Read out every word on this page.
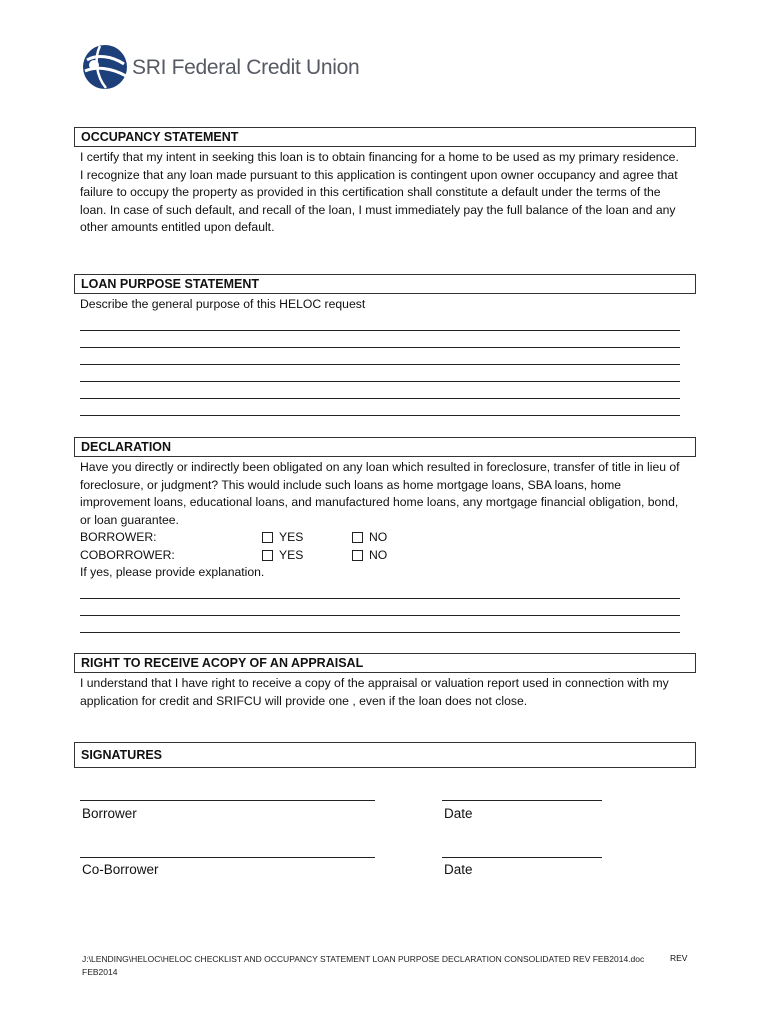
SRI Federal Credit Union
OCCUPANCY STATEMENT

I certify that my intent in seeking this loan is to obtain financing for a home to be used as my primary residence.

I recognize that any loan made pursuant to this application is contingent upon owner occupancy and agree that failure to occupy the property as provided in this certification shall constitute a default under the terms of the loan. In case of such default, and recall of the loan, I must immediately pay the full balance of the loan and any other amounts entitled upon default.

LOAN PURPOSE STATEMENT

Describe the general purpose of this HELOC request

DECLARATION

Have you directly or indirectly been obligated on any loan which resulted in foreclosure, transfer of title in lieu of foreclosure, or judgment? This would include such loans as home mortgage loans, SBA loans, home improvement loans, educational loans, and manufactured home loans, any mortgage financial obligation, bond, or loan guarantee.

BORROWER:	YES	NO
COBORROWER:	YES	NO

If yes, please provide explanation.

RIGHT TO RECEIVE ACOPY OF AN APPRAISAL

I understand that I have right to receive a copy of the appraisal or valuation report used in connection with my application for credit and SRIFCU will provide one , even if the loan does not close.

SIGNATURES
Borrower	Date
Co-Borrower	Date
J:\LENDING\HELOC\HELOC CHECKLIST AND OCCUPANCY STATEMENT LOAN PURPOSE DECLARATION CONSOLIDATED REV FEB2014.doc
FEB2014
REV
